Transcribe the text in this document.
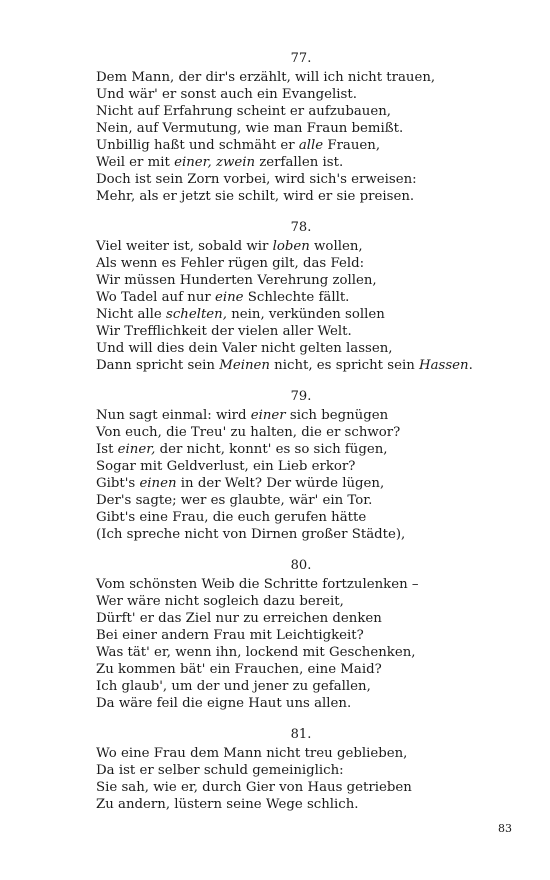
77.
Dem Mann, der dir's erzählt, will ich nicht trauen,
Und wär' er sonst auch ein Evangelist.
Nicht auf Erfahrung scheint er aufzubauen,
Nein, auf Vermutung, wie man Fraun bemißt.
Unbillig haßt und schmäht er alle Frauen,
Weil er mit einer, zwein zerfallen ist.
Doch ist sein Zorn vorbei, wird sich's erweisen:
Mehr, als er jetzt sie schilt, wird er sie preisen.
78.
Viel weiter ist, sobald wir loben wollen,
Als wenn es Fehler rügen gilt, das Feld:
Wir müssen Hunderten Verehrung zollen,
Wo Tadel auf nur eine Schlechte fällt.
Nicht alle schelten, nein, verkünden sollen
Wir Trefflichkeit der vielen aller Welt.
Und will dies dein Valer nicht gelten lassen,
Dann spricht sein Meinen nicht, es spricht sein Hassen.
79.
Nun sagt einmal: wird einer sich begnügen
Von euch, die Treu' zu halten, die er schwor?
Ist einer, der nicht, konnt' es so sich fügen,
Sogar mit Geldverlust, ein Lieb erkor?
Gibt's einen in der Welt? Der würde lügen,
Der's sagte; wer es glaubte, wär' ein Tor.
Gibt's eine Frau, die euch gerufen hätte
(Ich spreche nicht von Dirnen großer Städte),
80.
Vom schönsten Weib die Schritte fortzulenken –
Wer wäre nicht sogleich dazu bereit,
Dürft' er das Ziel nur zu erreichen denken
Bei einer andern Frau mit Leichtigkeit?
Was tät' er, wenn ihn, lockend mit Geschenken,
Zu kommen bät' ein Frauchen, eine Maid?
Ich glaub', um der und jener zu gefallen,
Da wäre feil die eigne Haut uns allen.
81.
Wo eine Frau dem Mann nicht treu geblieben,
Da ist er selber schuld gemeiniglich:
Sie sah, wie er, durch Gier von Haus getrieben
Zu andern, lüstern seine Wege schlich.
83
